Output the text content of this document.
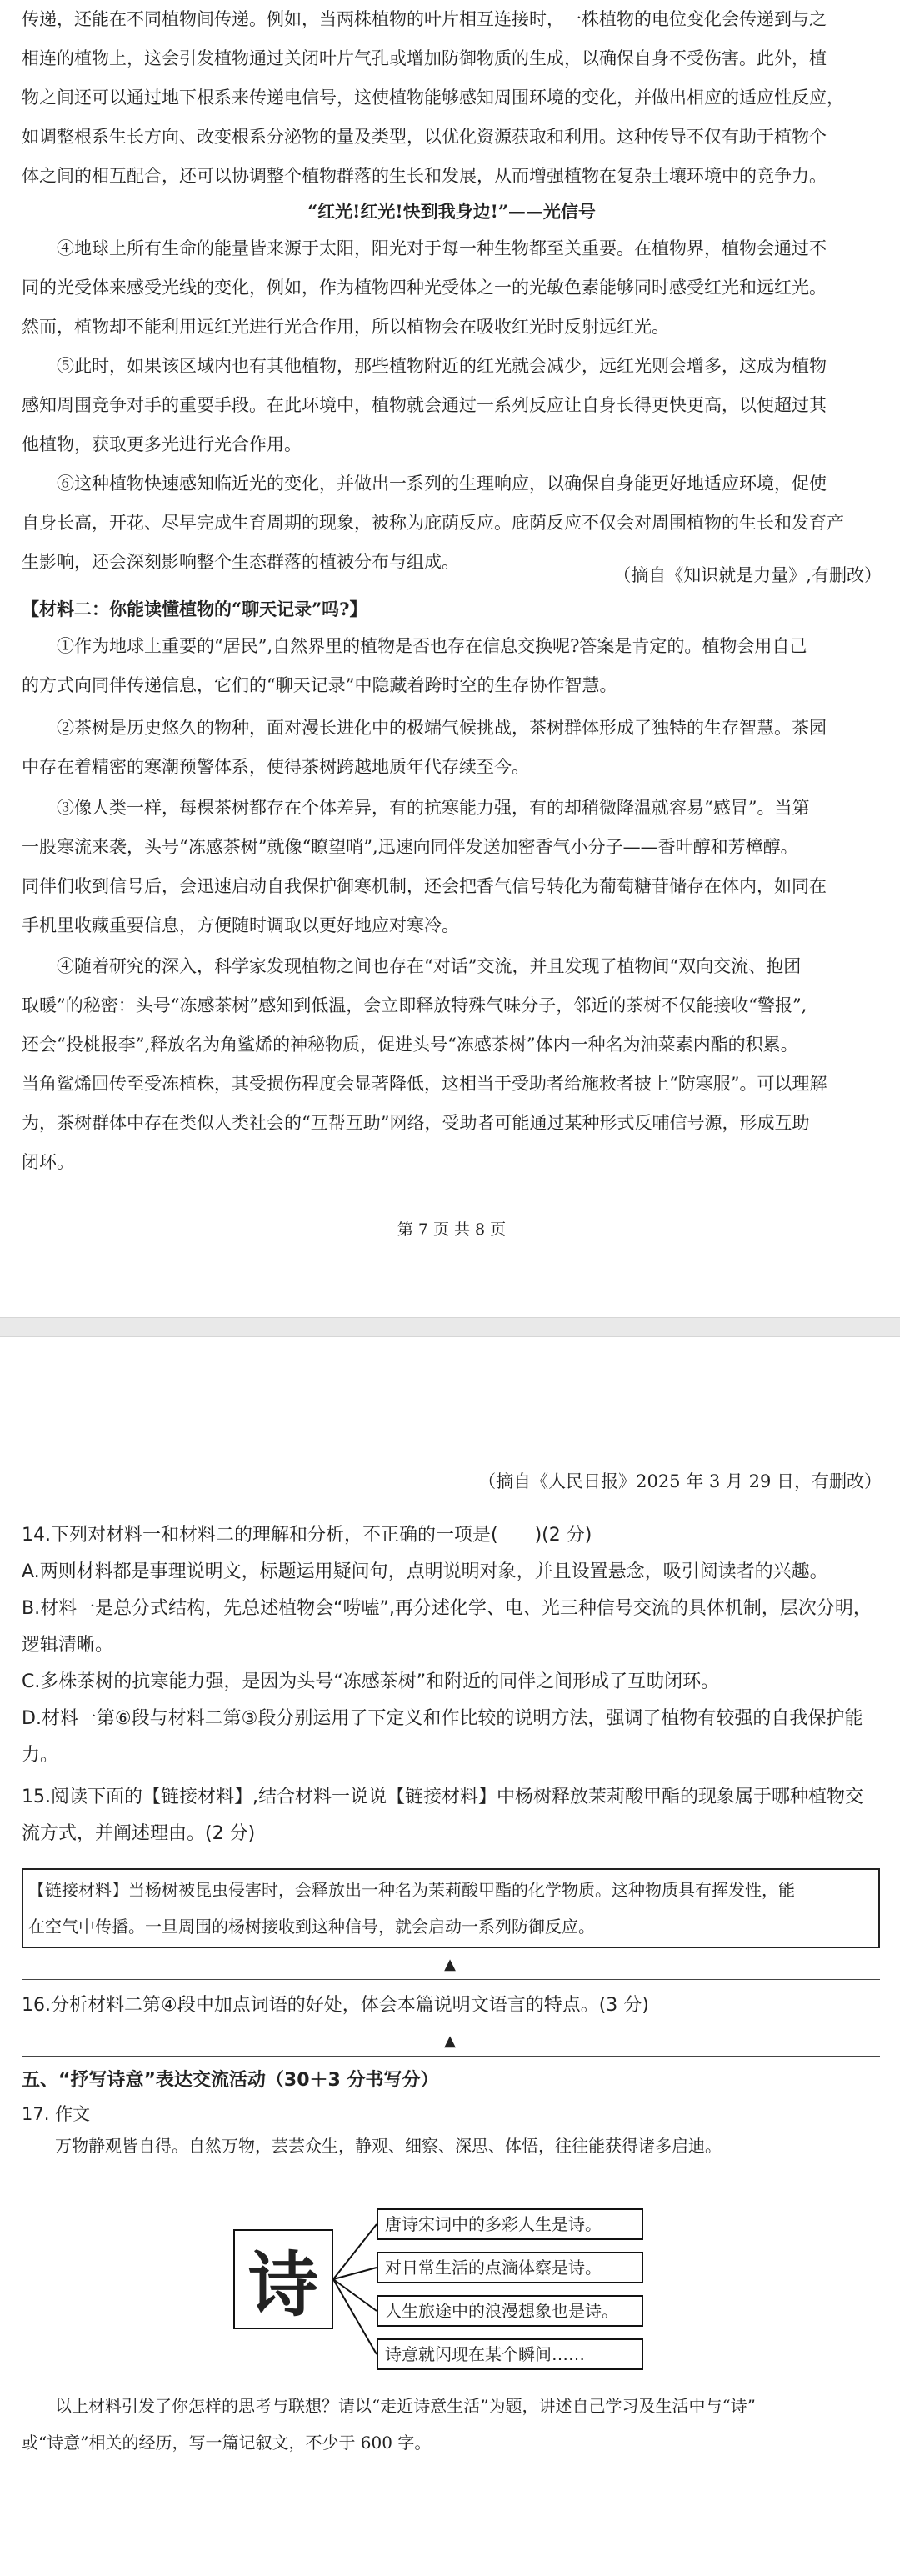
传递，还能在不同植物间传递。例如，当两株植物的叶片相互连接时，一株植物的电位变化会传递到与之

相连的植物上，这会引发植物通过关闭叶片气孔或增加防御物质的生成，以确保自身不受伤害。此外，植

物之间还可以通过地下根系来传递电信号，这使植物能够感知周围环境的变化，并做出相应的适应性反应，

如调整根系生长方向、改变根系分泌物的量及类型，以优化资源获取和利用。这种传导不仅有助于植物个

体之间的相互配合，还可以协调整个植物群落的生长和发展，从而增强植物在复杂土壤环境中的竞争力。

“红光!红光!快到我身边!”——光信号

　　④地球上所有生命的能量皆来源于太阳，阳光对于每一种生物都至关重要。在植物界，植物会通过不

同的光受体来感受光线的变化，例如，作为植物四种光受体之一的光敏色素能够同时感受红光和远红光。

然而，植物却不能利用远红光进行光合作用，所以植物会在吸收红光时反射远红光。

　　⑤此时，如果该区域内也有其他植物，那些植物附近的红光就会减少，远红光则会增多，这成为植物

感知周围竞争对手的重要手段。在此环境中，植物就会通过一系列反应让自身长得更快更高，以便超过其

他植物，获取更多光进行光合作用。

　　⑥这种植物快速感知临近光的变化，并做出一系列的生理响应，以确保自身能更好地适应环境，促使

自身长高，开花、尽早完成生育周期的现象，被称为庇荫反应。庇荫反应不仅会对周围植物的生长和发育产

生影响，还会深刻影响整个生态群落的植被分布与组成。

（摘自《知识就是力量》,有删改）

【材料二：你能读懂植物的“聊天记录”吗?】

　　①作为地球上重要的“居民”,自然界里的植物是否也存在信息交换呢?答案是肯定的。植物会用自己

的方式向同伴传递信息，它们的“聊天记录”中隐藏着跨时空的生存协作智慧。

　　②茶树是历史悠久的物种，面对漫长进化中的极端气候挑战，茶树群体形成了独特的生存智慧。茶园

中存在着精密的寒潮预警体系，使得茶树跨越地质年代存续至今。

　　③像人类一样，每棵茶树都存在个体差异，有的抗寒能力强，有的却稍微降温就容易“感冒”。当第

一股寒流来袭，头号“冻感茶树”就像“瞭望哨”,迅速向同伴发送加密香气小分子——香叶醇和芳樟醇。

同伴们收到信号后，会迅速启动自我保护御寒机制，还会把香气信号转化为葡萄糖苷储存在体内，如同在

手机里收藏重要信息，方便随时调取以更好地应对寒冷。

　　④随着研究的深入，科学家发现植物之间也存在“对话”交流，并且发现了植物间“双向交流、抱团

取暖”的秘密：头号“冻感茶树”感知到低温，会立即释放特殊气味分子，邻近的茶树不仅能接收“警报”,

还会“投桃报李”,释放名为角鲨烯的神秘物质，促进头号“冻感茶树”体内一种名为油菜素内酯的积累。

当角鲨烯回传至受冻植株，其受损伤程度会显著降低，这相当于受助者给施救者披上“防寒服”。可以理解

为，茶树群体中存在类似人类社会的“互帮互助”网络，受助者可能通过某种形式反哺信号源，形成互助

闭环。

第 7 页 共 8 页

（摘自《人民日报》2025 年 3 月 29 日，有删改）

14.下列对材料一和材料二的理解和分析，不正确的一项是(　　)(2 分)

A.两则材料都是事理说明文，标题运用疑问句，点明说明对象，并且设置悬念，吸引阅读者的兴趣。

B.材料一是总分式结构，先总述植物会“唠嗑”,再分述化学、电、光三种信号交流的具体机制，层次分明，

逻辑清晰。

C.多株茶树的抗寒能力强，是因为头号“冻感茶树”和附近的同伴之间形成了互助闭环。

D.材料一第⑥段与材料二第③段分别运用了下定义和作比较的说明方法，强调了植物有较强的自我保护能

力。

15.阅读下面的【链接材料】,结合材料一说说【链接材料】中杨树释放茉莉酸甲酯的现象属于哪种植物交

流方式，并阐述理由。(2 分)

【链接材料】当杨树被昆虫侵害时，会释放出一种名为茉莉酸甲酯的化学物质。这种物质具有挥发性，能
在空气中传播。一旦周围的杨树接收到这种信号，就会启动一系列防御反应。
▲

16.分析材料二第④段中加点词语的好处，体会本篇说明文语言的特点。(3 分)

▲

五、“抒写诗意”表达交流活动（30＋3 分书写分）

17. 作文

　　万物静观皆自得。自然万物，芸芸众生，静观、细察、深思、体悟，往往能获得诸多启迪。

诗
唐诗宋词中的多彩人生是诗。
对日常生活的点滴体察是诗。
人生旅途中的浪漫想象也是诗。
诗意就闪现在某个瞬间……

　　以上材料引发了你怎样的思考与联想？请以“走近诗意生活”为题，讲述自己学习及生活中与“诗”

或“诗意”相关的经历，写一篇记叙文，不少于 600 字。
